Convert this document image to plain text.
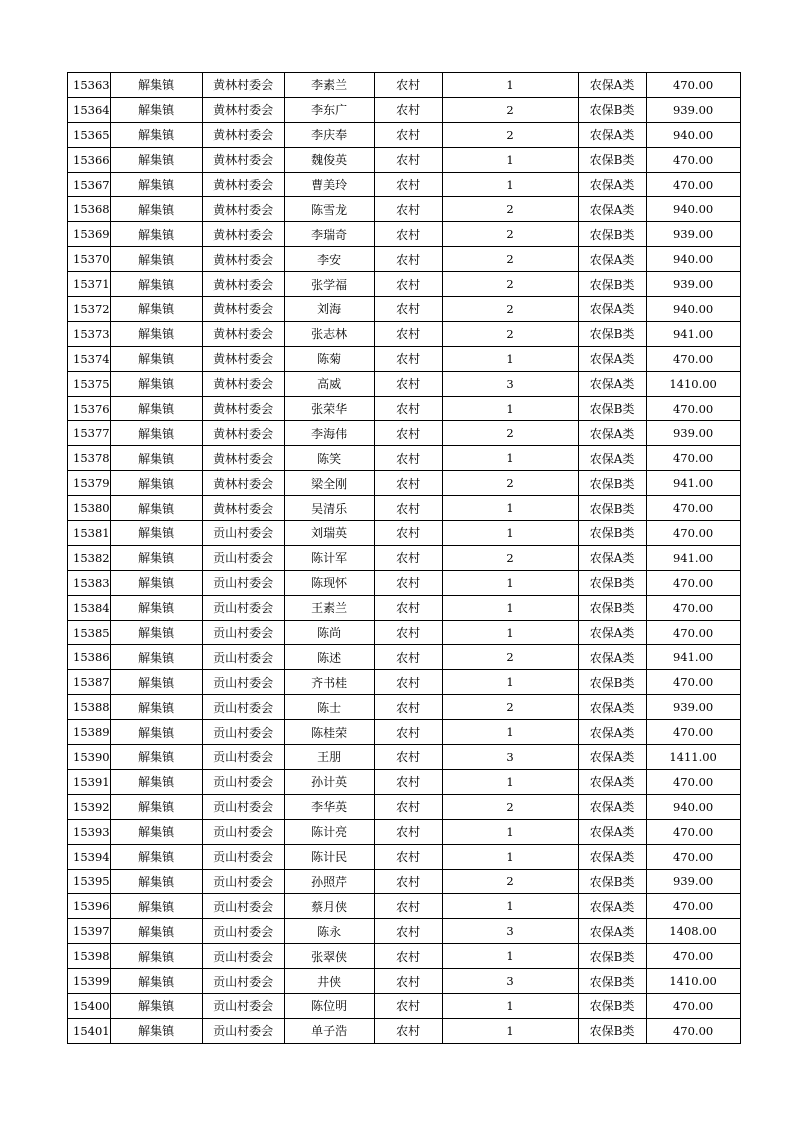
15363	解集镇	黄林村委会	李素兰	农村	1	农保A类	470.00
15364	解集镇	黄林村委会	李东广	农村	2	农保B类	939.00
15365	解集镇	黄林村委会	李庆奉	农村	2	农保A类	940.00
15366	解集镇	黄林村委会	魏俊英	农村	1	农保B类	470.00
15367	解集镇	黄林村委会	曹美玲	农村	1	农保A类	470.00
15368	解集镇	黄林村委会	陈雪龙	农村	2	农保A类	940.00
15369	解集镇	黄林村委会	李瑞奇	农村	2	农保B类	939.00
15370	解集镇	黄林村委会	李安	农村	2	农保A类	940.00
15371	解集镇	黄林村委会	张学福	农村	2	农保B类	939.00
15372	解集镇	黄林村委会	刘海	农村	2	农保A类	940.00
15373	解集镇	黄林村委会	张志林	农村	2	农保B类	941.00
15374	解集镇	黄林村委会	陈菊	农村	1	农保A类	470.00
15375	解集镇	黄林村委会	高威	农村	3	农保A类	1410.00
15376	解集镇	黄林村委会	张荣华	农村	1	农保B类	470.00
15377	解集镇	黄林村委会	李海伟	农村	2	农保A类	939.00
15378	解集镇	黄林村委会	陈笑	农村	1	农保A类	470.00
15379	解集镇	黄林村委会	梁全刚	农村	2	农保B类	941.00
15380	解集镇	黄林村委会	吴清乐	农村	1	农保B类	470.00
15381	解集镇	贡山村委会	刘瑞英	农村	1	农保B类	470.00
15382	解集镇	贡山村委会	陈计军	农村	2	农保A类	941.00
15383	解集镇	贡山村委会	陈现怀	农村	1	农保B类	470.00
15384	解集镇	贡山村委会	王素兰	农村	1	农保B类	470.00
15385	解集镇	贡山村委会	陈尚	农村	1	农保A类	470.00
15386	解集镇	贡山村委会	陈述	农村	2	农保A类	941.00
15387	解集镇	贡山村委会	齐书桂	农村	1	农保B类	470.00
15388	解集镇	贡山村委会	陈士	农村	2	农保A类	939.00
15389	解集镇	贡山村委会	陈桂荣	农村	1	农保A类	470.00
15390	解集镇	贡山村委会	王朋	农村	3	农保A类	1411.00
15391	解集镇	贡山村委会	孙计英	农村	1	农保A类	470.00
15392	解集镇	贡山村委会	李华英	农村	2	农保A类	940.00
15393	解集镇	贡山村委会	陈计亮	农村	1	农保A类	470.00
15394	解集镇	贡山村委会	陈计民	农村	1	农保A类	470.00
15395	解集镇	贡山村委会	孙照芹	农村	2	农保B类	939.00
15396	解集镇	贡山村委会	蔡月侠	农村	1	农保A类	470.00
15397	解集镇	贡山村委会	陈永	农村	3	农保A类	1408.00
15398	解集镇	贡山村委会	张翠侠	农村	1	农保B类	470.00
15399	解集镇	贡山村委会	井侠	农村	3	农保B类	1410.00
15400	解集镇	贡山村委会	陈位明	农村	1	农保B类	470.00
15401	解集镇	贡山村委会	单子浩	农村	1	农保B类	470.00
